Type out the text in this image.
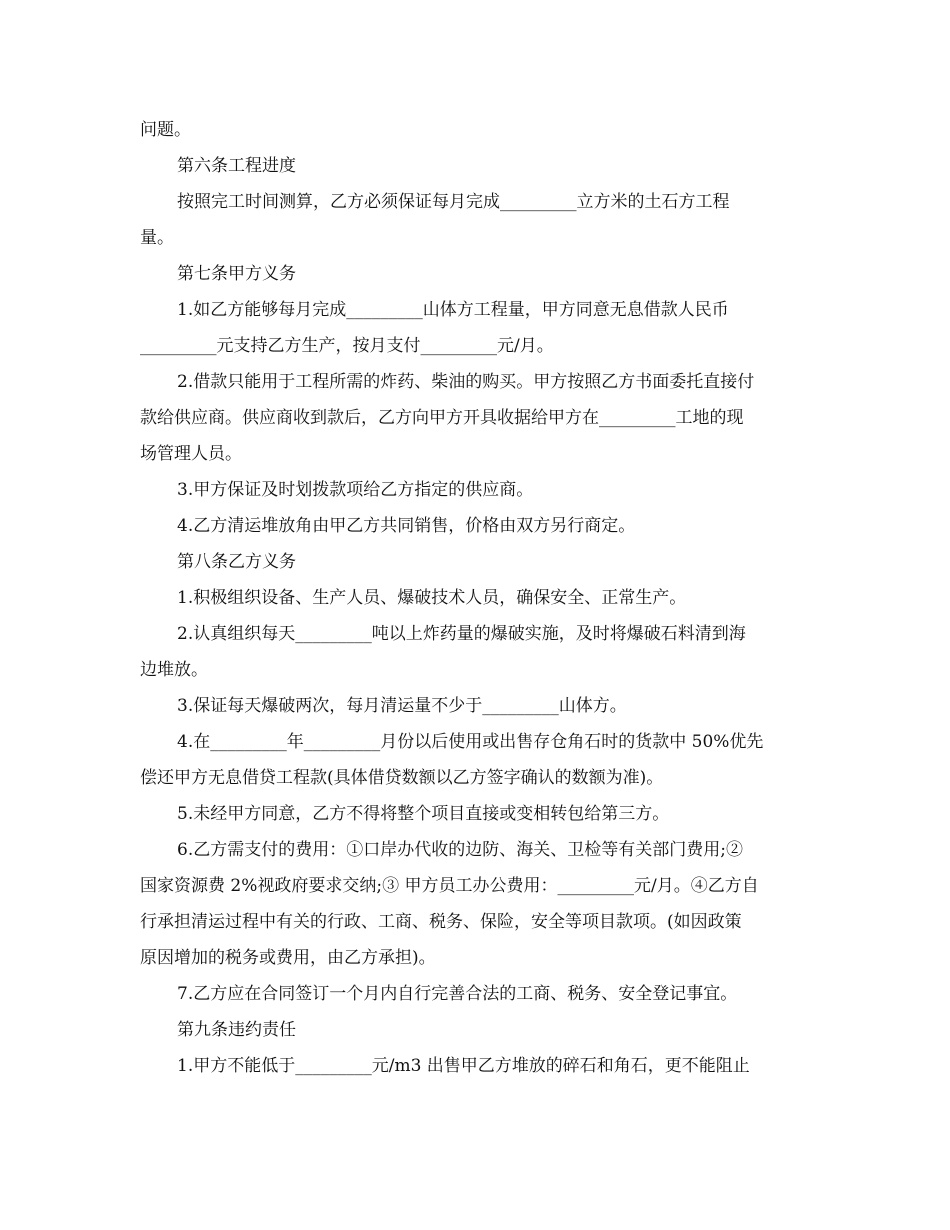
问题。
第六条工程进度
按照完工时间测算，乙方必须保证每月完成_________立方米的土石方工程
量。
第七条甲方义务
1.如乙方能够每月完成_________山体方工程量，甲方同意无息借款人民币
_________元支持乙方生产，按月支付_________元/月。
2.借款只能用于工程所需的炸药、柴油的购买。甲方按照乙方书面委托直接付
款给供应商。供应商收到款后，乙方向甲方开具收据给甲方在_________工地的现
场管理人员。
3.甲方保证及时划拨款项给乙方指定的供应商。
4.乙方清运堆放角由甲乙方共同销售，价格由双方另行商定。
第八条乙方义务
1.积极组织设备、生产人员、爆破技术人员，确保安全、正常生产。
2.认真组织每天_________吨以上炸药量的爆破实施，及时将爆破石料清到海
边堆放。
3.保证每天爆破两次，每月清运量不少于_________山体方。
4.在_________年_________月份以后使用或出售存仓角石时的货款中 50%优先
偿还甲方无息借贷工程款(具体借贷数额以乙方签字确认的数额为准)。
5.未经甲方同意，乙方不得将整个项目直接或变相转包给第三方。
6.乙方需支付的费用：①口岸办代收的边防、海关、卫检等有关部门费用;②
国家资源费 2%视政府要求交纳;③ 甲方员工办公费用：_________元/月。④乙方自
行承担清运过程中有关的行政、工商、税务、保险，安全等项目款项。(如因政策
原因增加的税务或费用，由乙方承担)。
7.乙方应在合同签订一个月内自行完善合法的工商、税务、安全登记事宜。
第九条违约责任
1.甲方不能低于_________元/m3 出售甲乙方堆放的碎石和角石，更不能阻止
